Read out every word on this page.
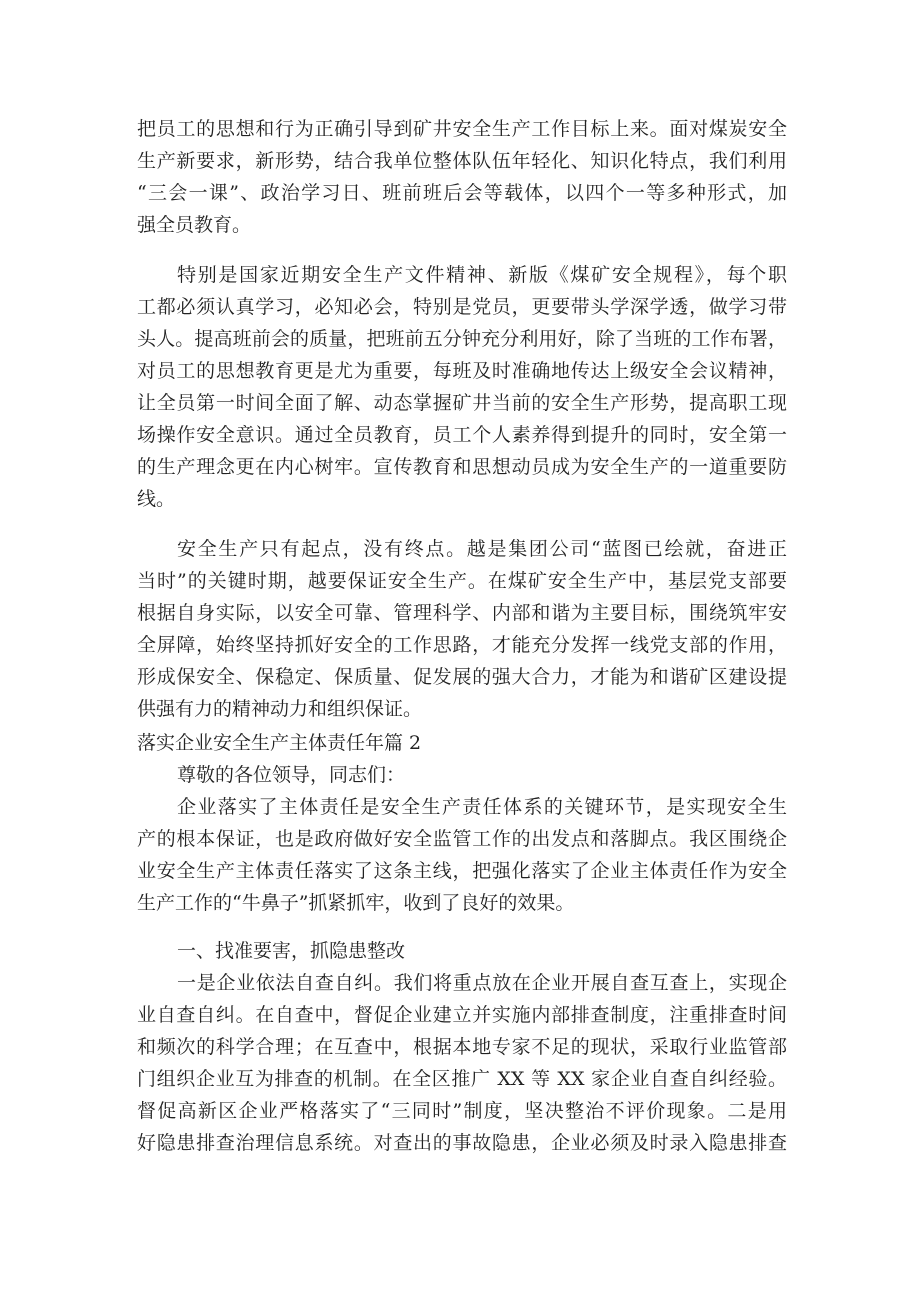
把员工的思想和行为正确引导到矿井安全生产工作目标上来。面对煤炭安全
生产新要求，新形势，结合我单位整体队伍年轻化、知识化特点，我们利用
“三会一课”、政治学习日、班前班后会等载体，以四个一等多种形式，加
强全员教育。
特别是国家近期安全生产文件精神、新版《煤矿安全规程》，每个职
工都必须认真学习，必知必会，特别是党员，更要带头学深学透，做学习带
头人。提高班前会的质量，把班前五分钟充分利用好，除了当班的工作布署，
对员工的思想教育更是尤为重要，每班及时准确地传达上级安全会议精神，
让全员第一时间全面了解、动态掌握矿井当前的安全生产形势，提高职工现
场操作安全意识。通过全员教育，员工个人素养得到提升的同时，安全第一
的生产理念更在内心树牢。宣传教育和思想动员成为安全生产的一道重要防
线。
安全生产只有起点，没有终点。越是集团公司“蓝图已绘就，奋进正
当时”的关键时期，越要保证安全生产。在煤矿安全生产中，基层党支部要
根据自身实际，以安全可靠、管理科学、内部和谐为主要目标，围绕筑牢安
全屏障，始终坚持抓好安全的工作思路，才能充分发挥一线党支部的作用，
形成保安全、保稳定、保质量、促发展的强大合力，才能为和谐矿区建设提
供强有力的精神动力和组织保证。
落实企业安全生产主体责任年篇 2
尊敬的各位领导，同志们：
企业落实了主体责任是安全生产责任体系的关键环节，是实现安全生
产的根本保证，也是政府做好安全监管工作的出发点和落脚点。我区围绕企
业安全生产主体责任落实了这条主线，把强化落实了企业主体责任作为安全
生产工作的“牛鼻子”抓紧抓牢，收到了良好的效果。
一、找准要害，抓隐患整改
一是企业依法自查自纠。我们将重点放在企业开展自查互查上，实现企
业自查自纠。在自查中，督促企业建立并实施内部排查制度，注重排查时间
和频次的科学合理；在互查中，根据本地专家不足的现状，采取行业监管部
门组织企业互为排查的机制。在全区推广 XX 等 XX 家企业自查自纠经验。
督促高新区企业严格落实了“三同时”制度，坚决整治不评价现象。二是用
好隐患排查治理信息系统。对查出的事故隐患，企业必须及时录入隐患排查
